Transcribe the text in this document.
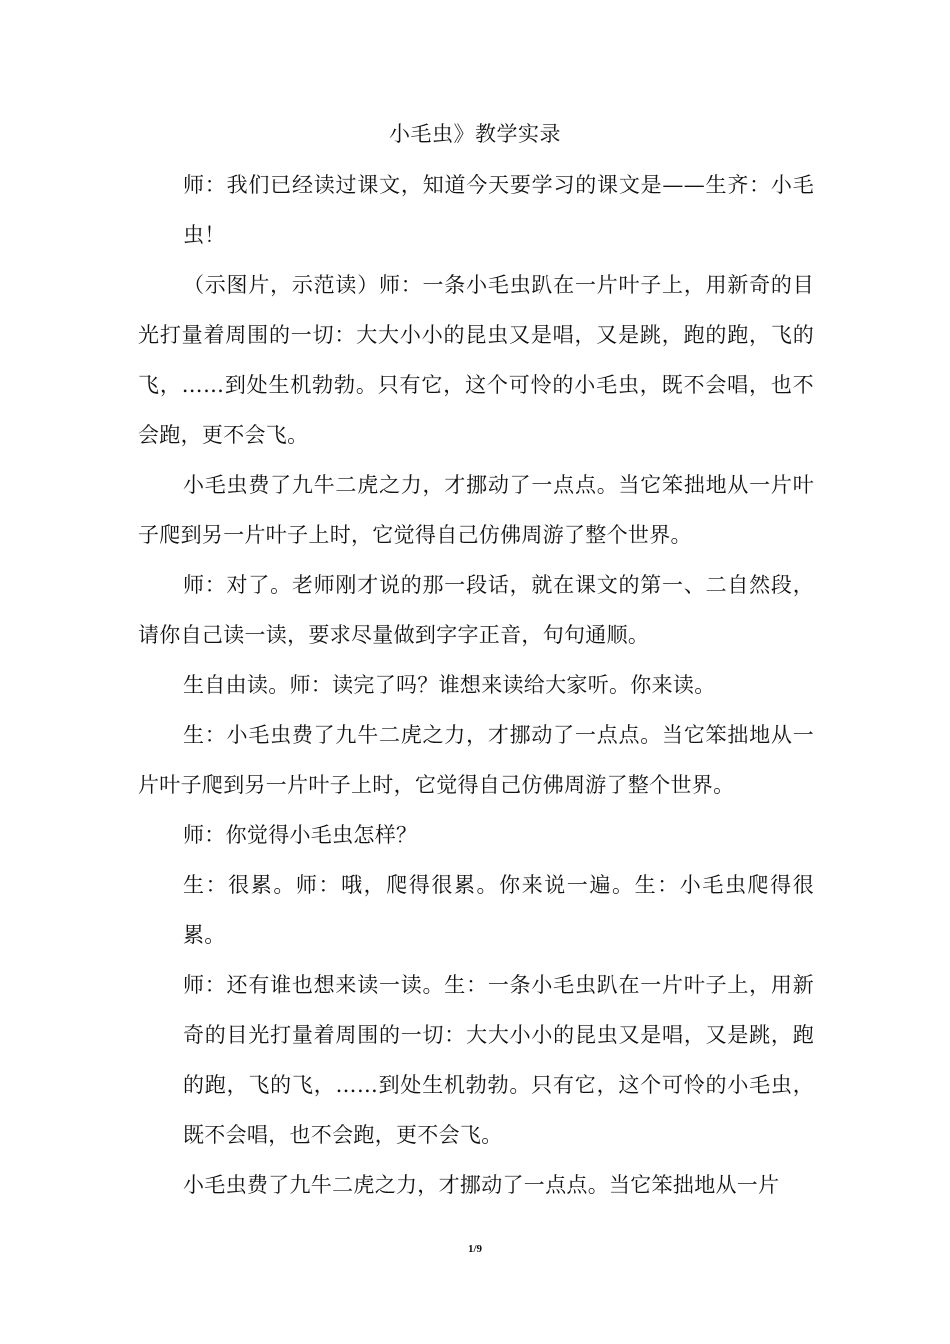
小毛虫》教学实录

师：我们已经读过课文，知道今天要学习的课文是——生齐：小毛虫！

（示图片，示范读）师：一条小毛虫趴在一片叶子上，用新奇的目光打量着周围的一切：大大小小的昆虫又是唱，又是跳，跑的跑，飞的飞，……到处生机勃勃。只有它，这个可怜的小毛虫，既不会唱，也不会跑，更不会飞。

小毛虫费了九牛二虎之力，才挪动了一点点。当它笨拙地从一片叶子爬到另一片叶子上时，它觉得自己仿佛周游了整个世界。

师：对了。老师刚才说的那一段话，就在课文的第一、二自然段，请你自己读一读，要求尽量做到字字正音，句句通顺。

生自由读。师：读完了吗？谁想来读给大家听。你来读。

生：小毛虫费了九牛二虎之力，才挪动了一点点。当它笨拙地从一片叶子爬到另一片叶子上时，它觉得自己仿佛周游了整个世界。

师：你觉得小毛虫怎样？

生：很累。师：哦，爬得很累。你来说一遍。生：小毛虫爬得很累。

师：还有谁也想来读一读。生：一条小毛虫趴在一片叶子上，用新奇的目光打量着周围的一切：大大小小的昆虫又是唱，又是跳，跑的跑，飞的飞，……到处生机勃勃。只有它，这个可怜的小毛虫，既不会唱，也不会跑，更不会飞。

小毛虫费了九牛二虎之力，才挪动了一点点。当它笨拙地从一片

1/9
